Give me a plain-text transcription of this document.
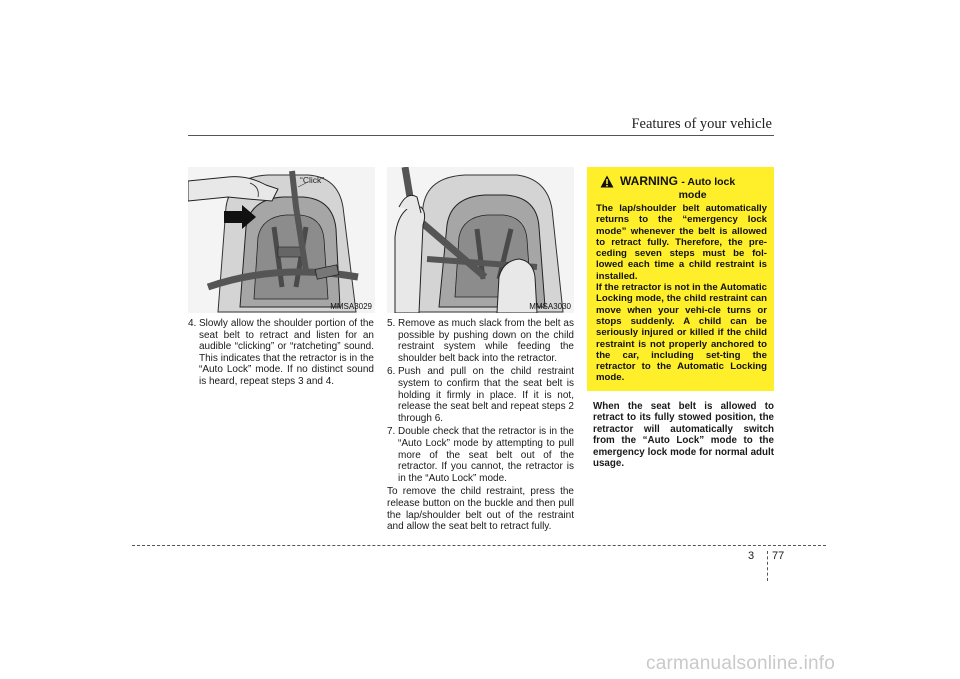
Features of your vehicle
“Click”
MMSA3029	MMSA3030
4. Slowly allow the shoulder portion of the seat belt to retract and listen for an audible “clicking” or “ratcheting” sound. This indicates that the retractor is in the “Auto Lock” mode. If no distinct sound is heard, repeat steps 3 and 4.
5. Remove as much slack from the belt as possible by pushing down on the child restraint system while feeding the shoulder belt back into the retractor.
6. Push and pull on the child restraint system to confirm that the seat belt is holding it firmly in place. If it is not, release the seat belt and repeat steps 2 through 6.
7. Double check that the retractor is in the “Auto Lock” mode by attempting to pull more of the seat belt out of the retractor. If you cannot, the retractor is in the “Auto Lock” mode.

To remove the child restraint, press the release button on the buckle and then pull the lap/shoulder belt out of the restraint and allow the seat belt to retract fully.

WARNING - Auto lock
mode

The lap/shoulder belt automatically returns to the “emergency lock mode” whenever the belt is allowed to retract fully. Therefore, the pre-ceding seven steps must be fol-lowed each time a child restraint is installed.

If the retractor is not in the Automatic Locking mode, the child restraint can move when your vehi-cle turns or stops suddenly. A child can be seriously injured or killed if the child restraint is not properly anchored to the car, including set-ting the retractor to the Automatic Locking mode.

When the seat belt is allowed to retract to its fully stowed position, the retractor will automatically switch from the “Auto Lock” mode to the emergency lock mode for normal adult usage.
3 77
carmanualsonline.info
